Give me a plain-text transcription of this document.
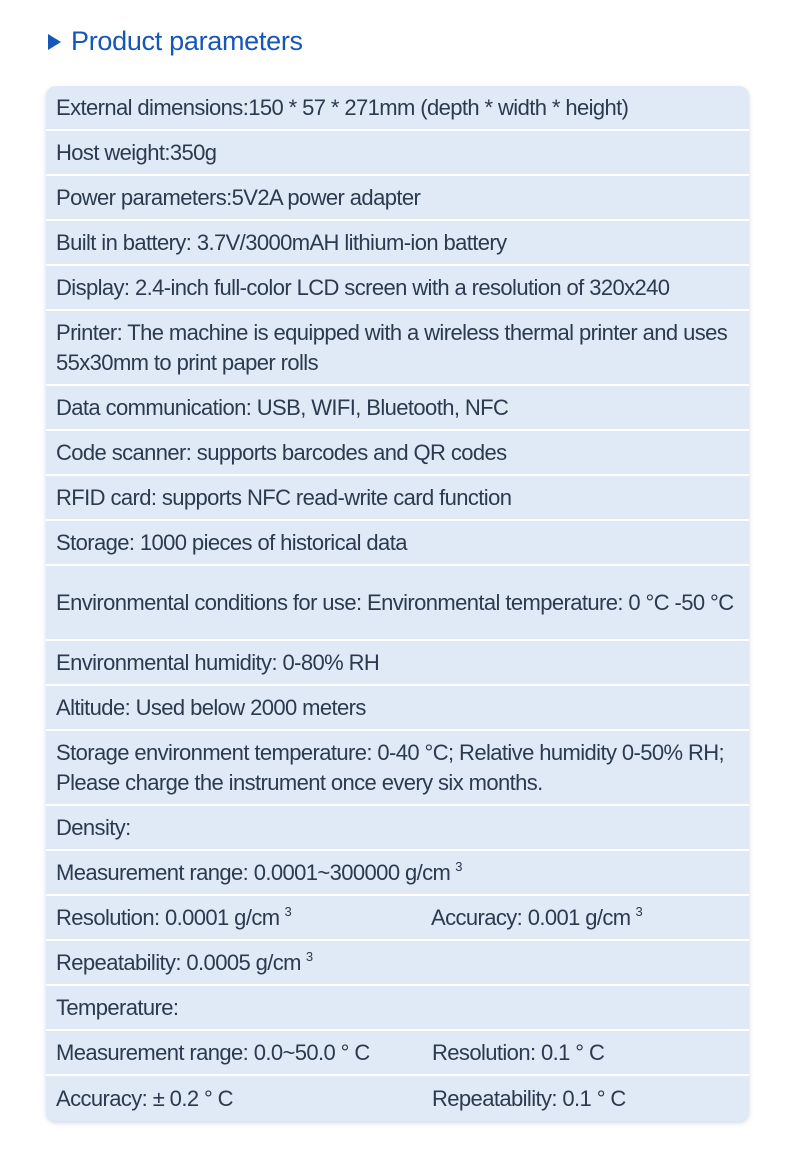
Product parameters
External dimensions:150 * 57 * 271mm (depth * width * height)
Host weight:350g
Power parameters:5V2A power adapter
Built in battery: 3.7V/3000mAH lithium-ion battery
Display: 2.4-inch full-color LCD screen with a resolution of 320x240
Printer: The machine is equipped with a wireless thermal printer and uses 55x30mm to print paper rolls
Data communication: USB, WIFI, Bluetooth, NFC
Code scanner: supports barcodes and QR codes
RFID card: supports NFC read-write card function
Storage: 1000 pieces of historical data
Environmental conditions for use: Environmental temperature: 0 °C -50 °C
Environmental humidity: 0-80% RH
Altitude: Used below 2000 meters
Storage environment temperature: 0-40 °C; Relative humidity 0-50% RH; Please charge the instrument once every six months.
Density:
Measurement range: 0.0001~300000 g/cm $^3$
Resolution: 0.0001 g/cm $^3$	Accuracy: 0.001 g/cm $^3$
Repeatability: 0.0005 g/cm $^3$
Temperature:
Measurement range: 0.0~50.0 ° C	Resolution: 0.1 ° C
Accuracy: ± 0.2 ° C	Repeatability: 0.1 ° C
